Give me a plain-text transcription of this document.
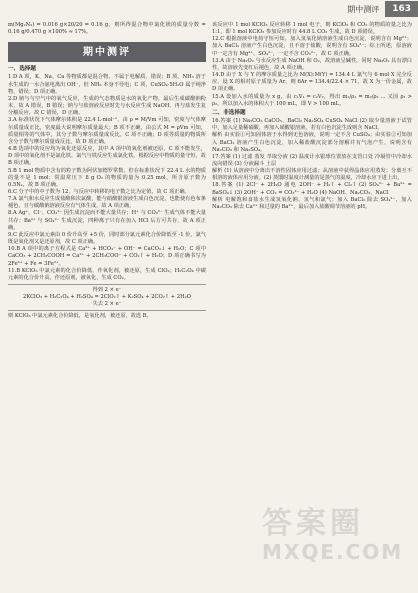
期中测评	163

m(Mg₂N₂) = 0.016 g×20/20 = 0.16 g，则所得混合物中氮化镁的质量分数 = 0.16 g/0.470 g ×100% ≈ 17%。

期中测评
一、选择题

1.D A 项，K、Na、Ca 等物质都是混合物，不属于电解质，错误；B 项，NH₃ 溶于水生成的一水合氨电离出 OH⁻，但 NH₃ 本身不导电；C 项，CuSO₄·5H₂O 属于纯净物，错误；D 项正确。

2.D 钠与与空气中的氧气反应，生成的气态物质是水的氧化产物，最后生成碳酸钠粉末，故 A 错误，B 错误；钠与与盐溶液反应时先与水反应生成 NaOH，再与盐发生复分解反应，故 C 错误，D 正确。

3.A 标准状况下气体摩尔体积是 22.4 L·mol⁻¹，由 ρ = M/Vm 可知，密度与气体摩尔质量成正比，密度最大说明摩尔质量最大；B 项不正确，由公式 M = ρVm 可知，质量相等的气体中，其分子数与摩尔质量成反比，C 项不正确；D 项等质量的物质所含分子数与摩尔质量成反比，故 D 项正确。

4.B 选项中的反应均为氧化还原反应，其中 A 项中的氧化剂被还原，C 项不能发生，D 项中的氧化剂不是氯化铁。氯气与铁反应生成氯化铁，根据反应中物质的量守恒，故 B 项正确。

5.B 1 mol 物质中含有的粒子数为阿伏加德罗常数，但在标准状况下 22.4 L 水的物质的量不是 1 mol；常温常压下 8 g O₂ 的物质的量为 0.25 mol，所含原子数为 0.5Nₐ，故 B 项正确。

6.C 分子中的中子数为 12，与反应中转移的电子数之比为定值，故 C 项正确。

7.A 氯气和水反应生成盐酸和次氯酸，能与硝酸银溶液生成白色沉淀，也能使有色布条褪色，且与碳酸钠溶液反应有气体生成，故 A 项正确。

8.A Ag⁺、Cl⁻、CO₃²⁻ 因生成沉淀而不能大量共存；H⁺ 与 CO₃²⁻ 生成气体不能大量共存；Ba²⁺ 与 SO₄²⁻ 生成沉淀，四种离子只有在加入 HCl 后方可共存，故 A 项正确。

9.C 此反应中氯元素由 0 价升高至 +5 价，同时部分氯元素化合价降低至 -1 价，氯气既是氧化剂又是还原剂，故 C 项正确。

10.B A 项中的离子方程式是 Ca²⁺ + HCO₃⁻ + OH⁻ = CaCO₃↓ + H₂O；C 项中 CaCO₃ + 2CH₃COOH = Ca²⁺ + 2CH₃COO⁻ + CO₂↑ + H₂O；D 项正确书写为 2Fe³⁺ + Fe = 3Fe²⁺。

11.B KClO₃ 中氯元素的化合价降低，作氧化剂，被还原，生成 ClO₂；H₂C₂O₄ 中碳元素的化合价升高，作还原剂，被氧化，生成 CO₂。

得到 2 × e⁻
2KClO₃ + H₂C₂O₄ + H₂SO₄ = 2ClO₂↑ + K₂SO₄ + 2CO₂↑ + 2H₂O
失去 2 × e⁻

则 KClO₃ 中氯元素化合价降低，是氧化剂，被还原，故选 B。

该反应中 1 mol KClO₃ 反应转移 1 mol 电子，则 KClO₃ 和 CO₂ 的物质的量之比为 1:1，即 1 mol KClO₃ 参加反应时有 44.8 L CO₂ 生成，故 D 项错误。

12.C 根据溶液中电荷守恒可知，加入氢氧化钠溶液生成白色沉淀，说明含有 Mg²⁺；加入 BaCl₂ 溶液产生白色沉淀，且不溶于盐酸，说明含有 SO₄²⁻；综上所述，原溶液中一定含有 Mg²⁺、SO₄²⁻，一定不含 CO₃²⁻，故 C 项正确。

13.A 由于 Na₂O₂ 与水反应生成 NaOH 和 O₂，故溶液呈碱性，同时 Na₂O₂ 具有漂白性，故溶液先变红后褪色，故 A 项正确。

14.D 由于 X 与 Y 的摩尔质量之比为 M(X):M(Y) = 134.4 L 氯气与 6 mol X 完全反应，设 X 的相对原子质量为 Ar，则 6Ar = 134.4/22.4 × 71，故 X 为一价金属，故 D 项正确。

15.A 设加入水的质量为 x g，由 c₁V₁ = c₂V₂，得出 m₁/ρ₁ = m₂/ρ₂ ... 又因 ρ₁ > ρ₂，所以加入水的体积大于 100 mL，即 V > 100 mL。

二、非选择题

16.答案 (1) Na₂CO₃ CaCO₃、BaCl₂ Na₂SO₄ CuSO₄ NaCl (2) 取少量溶液于试管中，加入足量稀硝酸，再加入硝酸银溶液，若有白色沉淀生成则含 NaCl。

解析 由实验①可知固体溶于水得到无色溶液，说明一定不含 CuSO₄；由实验②可知加入 BaCl₂ 溶液产生白色沉淀，加入稀盐酸沉淀部分溶解并有气泡产生，说明含有 Na₂CO₃ 和 Na₂SO₄。

17.答案 (1) 过滤 蒸发 萃取分液 (2) 温度计水银球位置放在支管口处 冷凝管中冷却水流向错误 (3) 分液漏斗 上层

解析 (1) 从溶液中分离出不溶性固体应用过滤；从溶液中获得晶体应用蒸发；分离互不相溶的液体应用分液。(2) 蒸馏时温度计测量的是蒸气的温度，冷却水应下进上出。

18.答案 (1) 2Cl⁻ + 2H₂O 通电 2OH⁻ + H₂↑ + Cl₂↑ (2) SO₄²⁻ + Ba²⁺ = BaSO₄↓ (3) 2OH⁻ + CO₂ = CO₃²⁻ + H₂O (4) NaOH、Na₂CO₃、NaCl

解析 电解饱和食盐水生成氢氧化钠、氢气和氯气；加入 BaCl₂ 除去 SO₄²⁻，加入 Na₂CO₃ 除去 Ca²⁺ 和过量的 Ba²⁺，最后加入盐酸调节溶液的 pH。

答案圈
MXQE.COM
